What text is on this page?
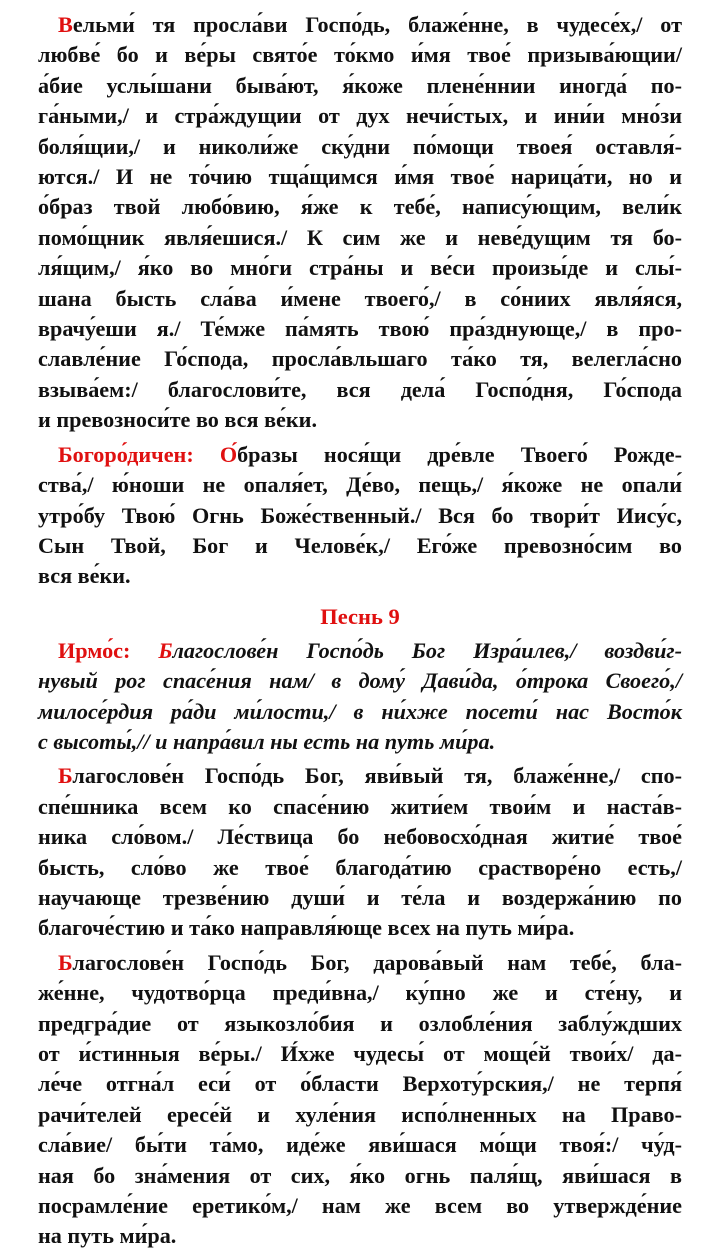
Вельми́ тя просла́ви Госпо́дь, блаже́нне, в чудесе́х,/ от
любве́ бо и ве́ры свято́е то́кмо и́мя твое́ призыва́ющии/
а́бие услы́шани быва́ют, я́коже плене́ннии иногда́ по-
га́ными,/ и стра́ждущии от дух нечи́стых, и ини́и мно́зи
боля́щии,/ и николи́же ску́дни по́мощи твоея́ оставля́-
ются./ И не то́чию тща́щимся и́мя твое́ нарица́ти, но и
о́браз твой любо́вию, я́же к тебе́, напису́ющим, вели́к
помо́щник явля́ешися./ К сим же и неве́дущим тя бо-
ля́щим,/ я́ко во мно́ги стра́ны и ве́си произы́де и слы́-
шана бысть сла́ва и́мене твоего́,/ в со́ниих явля́яся,
врачу́еши я./ Те́мже па́мять твою́ пра́зднующе,/ в про-
славле́ние Го́спода, просла́вльшаго та́ко тя, велегла́сно
взыва́ем:/ благослови́те, вся дела́ Госпо́дня, Го́спода
и превозноси́те во вся ве́ки.

Богоро́дичен: О́бразы нося́щи дре́вле Твоего́ Рожде-
ства́,/ ю́ноши не опаля́ет, Де́во, пещь,/ я́коже не опали́
утро́бу Твою́ Огнь Боже́ственный./ Вся бо твори́т Иису́с,
Сын Твой, Бог и Челове́к,/ Его́же превозно́сим во
вся ве́ки.

Песнь 9

Ирмо́с: Благослове́н Госпо́дь Бог Изра́илев,/ воздви́г-
нувый рог спасе́ния нам/ в дому́ Дави́да, о́трока Своего́,/
милосе́рдия ра́ди ми́лости,/ в ни́хже посети́ нас Восто́к
с высоты́,// и напра́вил ны есть на путь ми́ра.

Благослове́н Госпо́дь Бог, яви́вый тя, блаже́нне,/ спо-
спе́шника всем ко спасе́нию жити́ем твои́м и наста́в-
ника сло́вом./ Ле́ствица бо небовосхо́дная житие́ твое́
бысть, сло́во же твое́ благода́тию срастворе́но есть,/
научающе трезве́нию души́ и те́ла и воздержа́нию по
благоче́стию и та́ко направля́юще всех на путь ми́ра.

Благослове́н Госпо́дь Бог, дарова́вый нам тебе́, бла-
же́нне, чудотво́рца преди́вна,/ ку́пно же и сте́ну, и
предгра́дие от языкозло́бия и озлобле́ния заблу́ждших
от и́стинныя ве́ры./ И́хже чудесы́ от моще́й твои́х/ да-
ле́че отгна́л еси́ от о́бласти Верхоту́рския,/ не терпя́
рачи́телей ересе́й и хуле́ния испо́лненных на Право-
сла́вие/ бы́ти та́мо, иде́же яви́шася мо́щи твоя́:/ чу́д-
ная бо зна́мения от сих, я́ко огнь паля́щ, яви́шася в
посрамле́ние еретико́м,/ нам же всем во утвержде́ние
на путь ми́ра.
